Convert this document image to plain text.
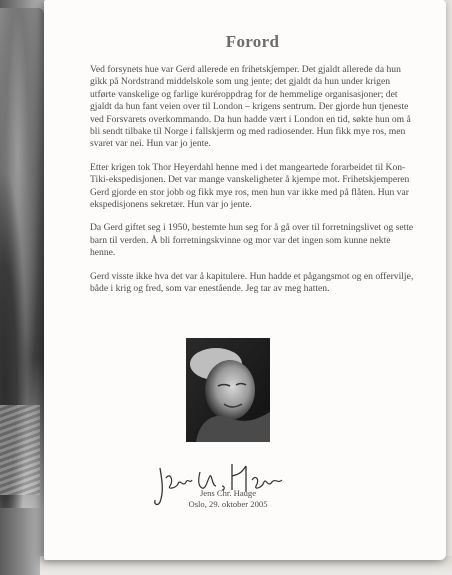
Forord

Ved forsynets hue var Gerd allerede en frihetskjemper. Det gjaldt allerede da hun gikk på Nordstrand middelskole som ung jente; det gjaldt da hun under krigen utførte vanskelige og farlige kuréroppdrag for de hemmelige organisasjoner; det gjaldt da hun fant veien over til London – krigens sentrum. Der gjorde hun tjeneste ved Forsvarets overkommando. Da hun hadde vært i London en tid, søkte hun om å bli sendt tilbake til Norge i fallskjerm og med radiosender. Hun fikk mye ros, men svaret var nei. Hun var jo jente.

Etter krigen tok Thor Heyerdahl henne med i det mangeartede forarbeidet til Kon-Tiki-ekspedisjonen. Det var mange vanskeligheter å kjempe mot. Frihetskjemperen Gerd gjorde en stor jobb og fikk mye ros, men hun var ikke med på flåten. Hun var ekspedisjonens sekretær. Hun var jo jente.

Da Gerd giftet seg i 1950, bestemte hun seg for å gå over til forretningslivet og sette barn til verden. Å bli forretningskvinne og mor var det ingen som kunne nekte henne.

Gerd visste ikke hva det var å kapitulere. Hun hadde et pågangsmot og en offervilje, både i krig og fred, som var enestående. Jeg tar av meg hatten.

Jens Chr. Hauge
Oslo, 29. oktober 2005
